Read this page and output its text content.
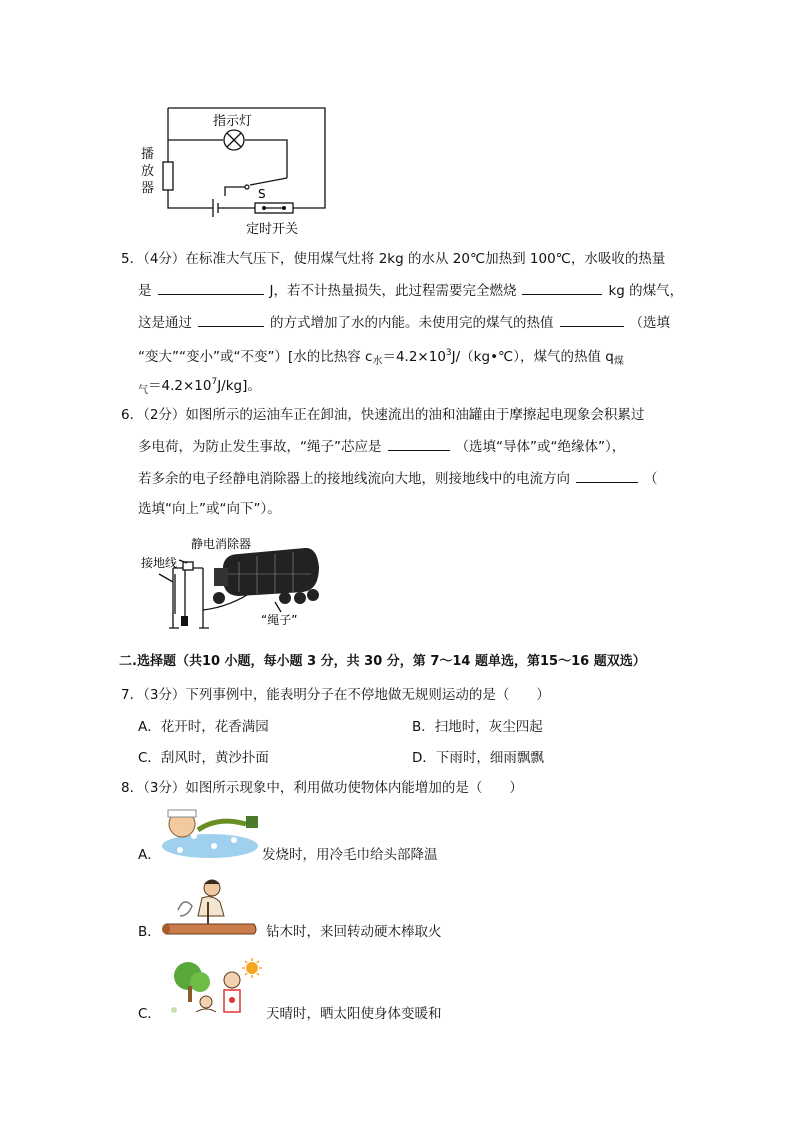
指示灯
S
定时开关
播放器
5．（4分）在标准大气压下，使用煤气灶将 2kg 的水从 20℃加热到 100℃，水吸收的热量
是	J，若不计热量损失，此过程需要完全燃烧	kg 的煤气，
这是通过	的方式增加了水的内能。未使用完的煤气的热值	（选填
“变大”“变小”或“不变”）[水的比热容 $c_水=4.2\times 10^3J/(kg•℃)$，煤气的热值 $q_煤$
$_气=4.2\times 10^7J/kg$]。
6．（2分）如图所示的运油车正在卸油，快速流出的油和油罐由于摩擦起电现象会积累过
多电荷，为防止发生事故，“绳子”芯应是	（选填“导体”或“绝缘体”），
若多余的电子经静电消除器上的接地线流向大地，则接地线中的电流方向	（
选填“向上”或“向下”）。
静电消除器
接地线
“绳子”
二.选择题（共10 小题，每小题 3 分，共 30 分，第 7～14 题单选，第15～16 题双选）
7．（3分）下列事例中，能表明分子在不停地做无规则运动的是（　　）
A．花开时，花香满园	B．扫地时，灰尘四起
C．刮风时，黄沙扑面	D．下雨时，细雨飘飘
8．（3分）如图所示现象中，利用做功使物体内能增加的是（　　）
A．	发烧时，用冷毛巾给头部降温
B．	钻木时，来回转动硬木棒取火
C．	天晴时，晒太阳使身体变暖和
